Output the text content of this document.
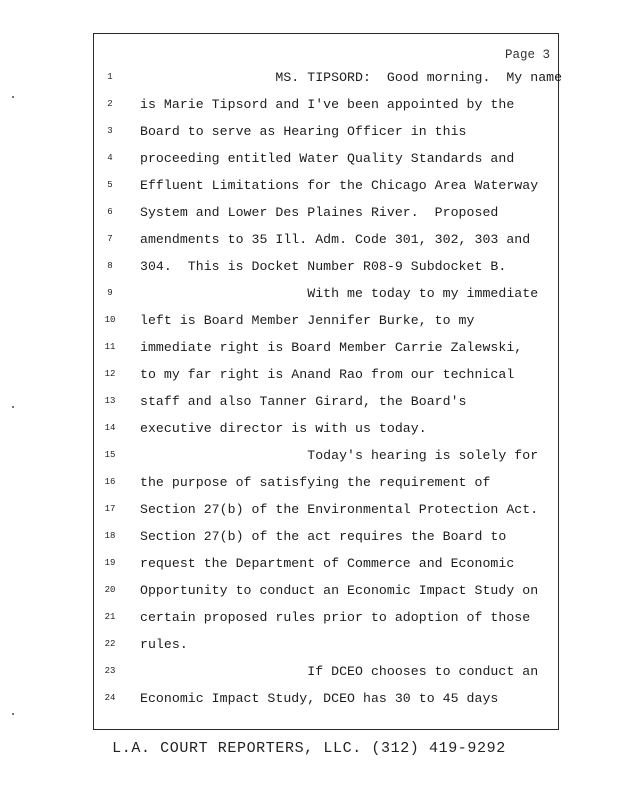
Page 3
1	MS. TIPSORD:  Good morning.  My name
2	is Marie Tipsord and I've been appointed by the
3	Board to serve as Hearing Officer in this
4	proceeding entitled Water Quality Standards and
5	Effluent Limitations for the Chicago Area Waterway
6	System and Lower Des Plaines River.  Proposed
7	amendments to 35 Ill. Adm. Code 301, 302, 303 and
8	304.  This is Docket Number R08-9 Subdocket B.
9	With me today to my immediate
10	left is Board Member Jennifer Burke, to my
11	immediate right is Board Member Carrie Zalewski,
12	to my far right is Anand Rao from our technical
13	staff and also Tanner Girard, the Board's
14	executive director is with us today.
15	Today's hearing is solely for
16	the purpose of satisfying the requirement of
17	Section 27(b) of the Environmental Protection Act.
18	Section 27(b) of the act requires the Board to
19	request the Department of Commerce and Economic
20	Opportunity to conduct an Economic Impact Study on
21	certain proposed rules prior to adoption of those
22	rules.
23	If DCEO chooses to conduct an
24	Economic Impact Study, DCEO has 30 to 45 days
L.A. COURT REPORTERS, LLC. (312) 419-9292
